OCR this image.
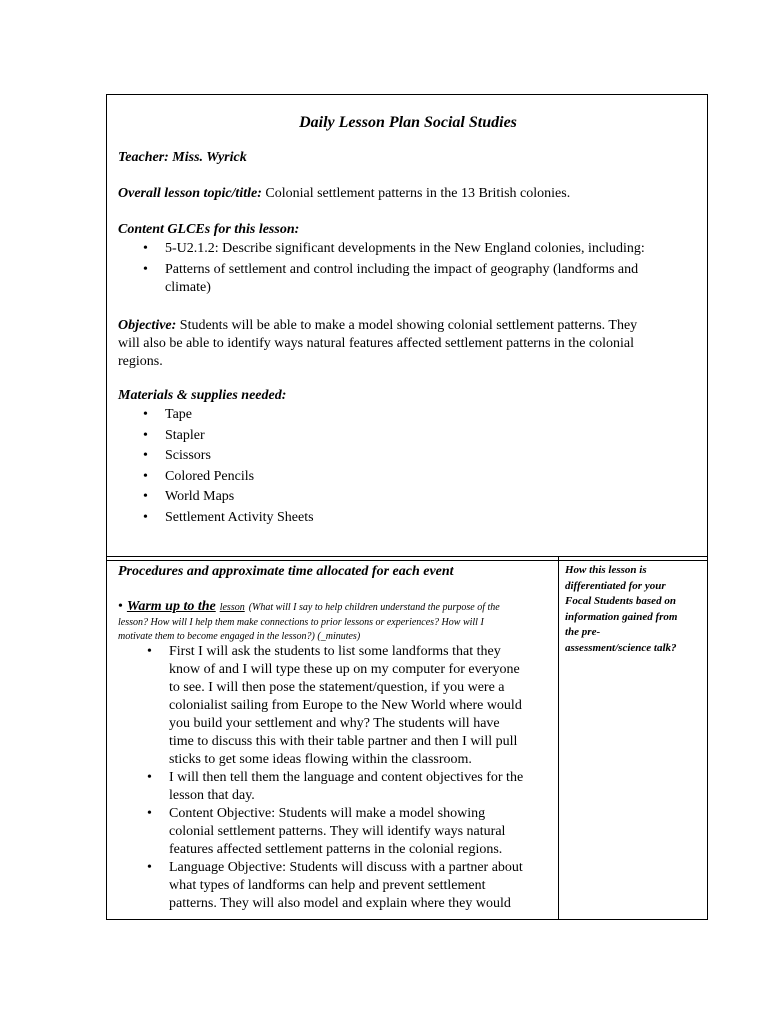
Daily Lesson Plan Social Studies
Teacher: Miss. Wyrick
Overall lesson topic/title: Colonial settlement patterns in the 13 British colonies.
Content GLCEs for this lesson:
• 5-U2.1.2: Describe significant developments in the New England colonies, including:
• Patterns of settlement and control including the impact of geography (landforms and
climate)
Objective: Students will be able to make a model showing colonial settlement patterns. They
will also be able to identify ways natural features affected settlement patterns in the colonial
regions.
Materials & supplies needed:
• Tape
• Stapler
• Scissors
• Colored Pencils
• World Maps
• Settlement Activity Sheets
Procedures and approximate time allocated for each event	How this lesson is
differentiated for your
Focal Students based on
information gained from
the pre-
assessment/science talk?
• Warm up to the lesson (What will I say to help children understand the purpose of the
lesson? How will I help them make connections to prior lessons or experiences? How will I
motivate them to become engaged in the lesson?) (_minutes)
• First I will ask the students to list some landforms that they
know of and I will type these up on my computer for everyone
to see. I will then pose the statement/question, if you were a
colonialist sailing from Europe to the New World where would
you build your settlement and why? The students will have
time to discuss this with their table partner and then I will pull
sticks to get some ideas flowing within the classroom.
• I will then tell them the language and content objectives for the
lesson that day.
• Content Objective: Students will make a model showing
colonial settlement patterns. They will identify ways natural
features affected settlement patterns in the colonial regions.
• Language Objective: Students will discuss with a partner about
what types of landforms can help and prevent settlement
patterns. They will also model and explain where they would
